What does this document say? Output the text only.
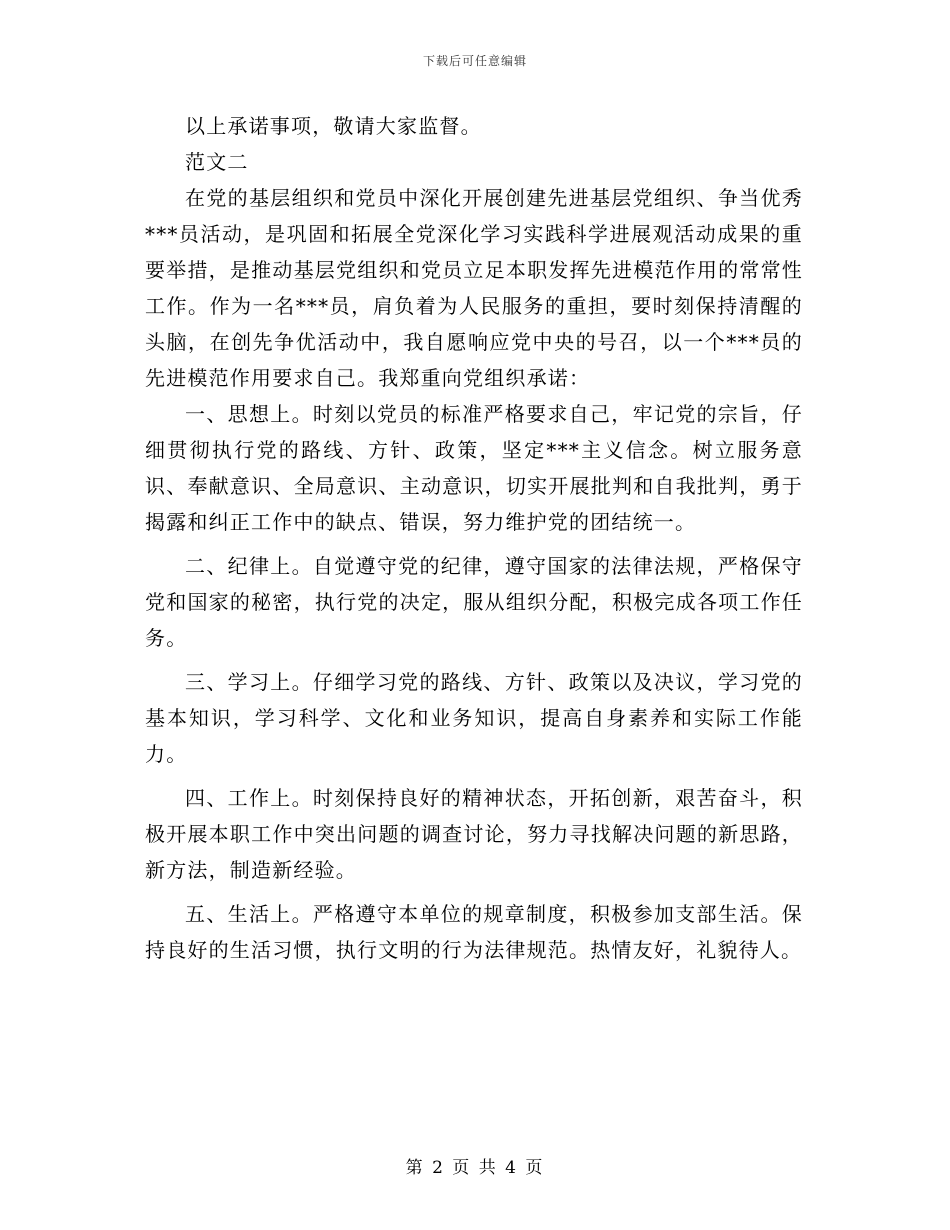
下载后可任意编辑

以上承诺事项，敬请大家监督。

范文二

在党的基层组织和党员中深化开展创建先进基层党组织、争当优秀***员活动，是巩固和拓展全党深化学习实践科学进展观活动成果的重要举措，是推动基层党组织和党员立足本职发挥先进模范作用的常常性工作。作为一名***员，肩负着为人民服务的重担，要时刻保持清醒的头脑，在创先争优活动中，我自愿响应党中央的号召，以一个***员的先进模范作用要求自己。我郑重向党组织承诺：

一、思想上。时刻以党员的标准严格要求自己，牢记党的宗旨，仔细贯彻执行党的路线、方针、政策，坚定***主义信念。树立服务意识、奉献意识、全局意识、主动意识，切实开展批判和自我批判，勇于揭露和纠正工作中的缺点、错误，努力维护党的团结统一。

二、纪律上。自觉遵守党的纪律，遵守国家的法律法规，严格保守党和国家的秘密，执行党的决定，服从组织分配，积极完成各项工作任务。

三、学习上。仔细学习党的路线、方针、政策以及决议，学习党的基本知识，学习科学、文化和业务知识，提高自身素养和实际工作能力。

四、工作上。时刻保持良好的精神状态，开拓创新，艰苦奋斗，积极开展本职工作中突出问题的调查讨论，努力寻找解决问题的新思路，新方法，制造新经验。

五、生活上。严格遵守本单位的规章制度，积极参加支部生活。保持良好的生活习惯，执行文明的行为法律规范。热情友好，礼貌待人。

第 2 页 共 4 页
